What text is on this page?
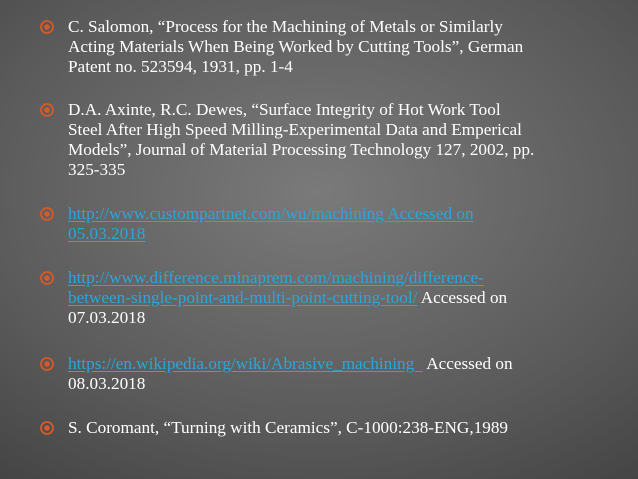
C. Salomon, “Process for the Machining of Metals or Similarly
Acting Materials When Being Worked by Cutting Tools”, German
Patent no. 523594, 1931, pp. 1-4
D.A. Axinte, R.C. Dewes, “Surface Integrity of Hot Work Tool
Steel After High Speed Milling-Experimental Data and Emperical
Models”, Journal of Material Processing Technology 127, 2002, pp.
325-335
http://www.custompartnet.com/wu/machining Accessed on
05.03.2018
http://www.difference.minaprem.com/machining/difference-
between-single-point-and-multi-point-cutting-tool/ Accessed on
07.03.2018
https://en.wikipedia.org/wiki/Abrasive_machining   Accessed on
08.03.2018
S. Coromant, “Turning with Ceramics”, C-1000:238-ENG,1989
